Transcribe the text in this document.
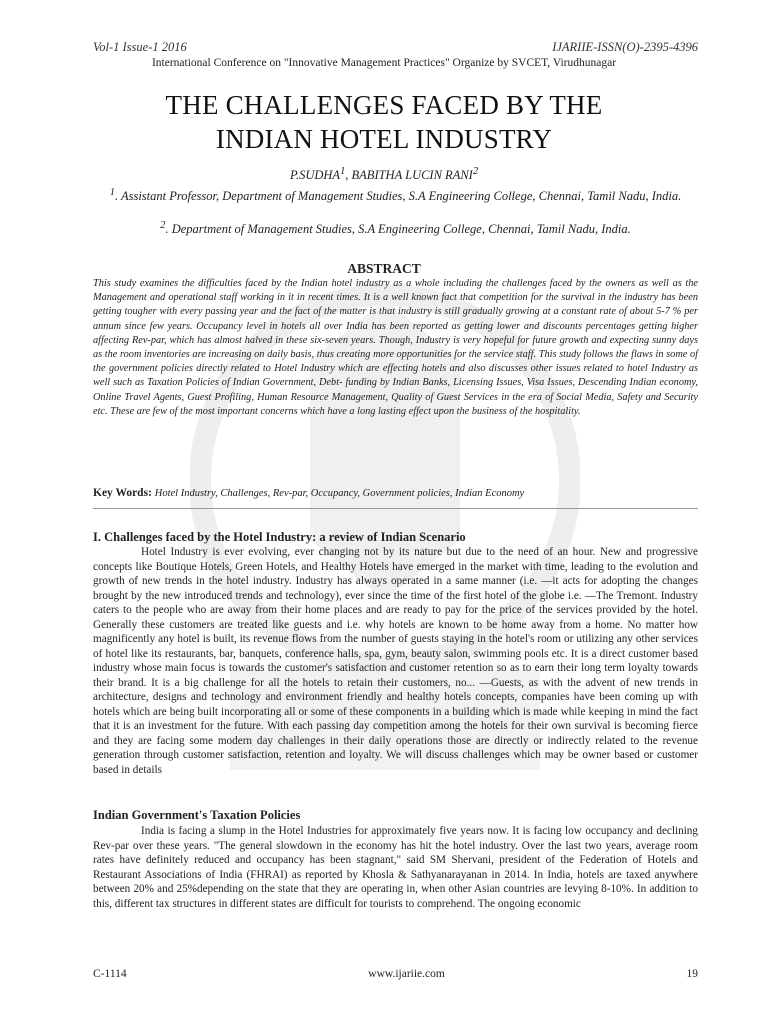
Vol-1 Issue-1 2016	IJARIIE-ISSN(O)-2395-4396
International Conference on "Innovative Management Practices" Organize by SVCET, Virudhunagar
THE CHALLENGES FACED BY THE
INDIAN HOTEL INDUSTRY
P.SUDHA$^1$, BABITHA LUCIN RANI$^2$
$^1$. Assistant Professor, Department of Management Studies, S.A Engineering College, Chennai, Tamil Nadu, India.
$^2$. Department of Management Studies, S.A Engineering College, Chennai, Tamil Nadu, India.
ABSTRACT
This study examines the difficulties faced by the Indian hotel industry as a whole including the challenges faced by the owners as well as the Management and operational staff working in it in recent times. It is a well known fact that competition for the survival in the industry has been getting tougher with every passing year and the fact of the matter is that industry is still gradually growing at a constant rate of about 5-7 % per annum since few years. Occupancy level in hotels all over India has been reported as getting lower and discounts percentages getting higher affecting Rev-par, which has almost halved in these six-seven years. Though, Industry is very hopeful for future growth and expecting sunny days as the room inventories are increasing on daily basis, thus creating more opportunities for the service staff. This study follows the flaws in some of the government policies directly related to Hotel Industry which are effecting hotels and also discusses other issues related to hotel Industry as well such as Taxation Policies of Indian Government, Debt- funding by Indian Banks, Licensing Issues, Visa Issues, Descending Indian economy, Online Travel Agents, Guest Profiling, Human Resource Management, Quality of Guest Services in the era of Social Media, Safety and Security etc. These are few of the most important concerns which have a long lasting effect upon the business of the hospitality.
Key Words: Hotel Industry, Challenges, Rev-par, Occupancy, Government policies, Indian Economy
I. Challenges faced by the Hotel Industry: a review of Indian Scenario
Hotel Industry is ever evolving, ever changing not by its nature but due to the need of an hour. New and progressive concepts like Boutique Hotels, Green Hotels, and Healthy Hotels have emerged in the market with time, leading to the evolution and growth of new trends in the hotel industry. Industry has always operated in a same manner (i.e. —it acts for adopting the changes brought by the new introduced trends and technology), ever since the time of the first hotel of the globe i.e. —The Tremont. Industry caters to the people who are away from their home places and are ready to pay for the price of the services provided by the hotel. Generally these customers are treated like guests and i.e. why hotels are known to be home away from a home. No matter how magnificently any hotel is built, its revenue flows from the number of guests staying in the hotel's room or utilizing any other services of hotel like its restaurants, bar, banquets, conference halls, spa, gym, beauty salon, swimming pools etc. It is a direct customer based industry whose main focus is towards the customer's satisfaction and customer retention so as to earn their long term loyalty towards their brand. It is a big challenge for all the hotels to retain their customers, no... —Guests, as with the advent of new trends in architecture, designs and technology and environment friendly and healthy hotels concepts, companies have been coming up with hotels which are being built incorporating all or some of these components in a building which is made while keeping in mind the fact that it is an investment for the future. With each passing day competition among the hotels for their own survival is becoming fierce and they are facing some modern day challenges in their daily operations those are directly or indirectly related to the revenue generation through customer satisfaction, retention and loyalty. We will discuss challenges which may be owner based or customer based in details
Indian Government's Taxation Policies
India is facing a slump in the Hotel Industries for approximately five years now. It is facing low occupancy and declining Rev-par over these years. "The general slowdown in the economy has hit the hotel industry. Over the last two years, average room rates have definitely reduced and occupancy has been stagnant," said SM Shervani, president of the Federation of Hotels and Restaurant Associations of India (FHRAI) as reported by Khosla & Sathyanarayanan in 2014. In India, hotels are taxed anywhere between 20% and 25%depending on the state that they are operating in, when other Asian countries are levying 8-10%. In addition to this, different tax structures in different states are difficult for tourists to comprehend. The ongoing economic
C-1114	www.ijariie.com	19
